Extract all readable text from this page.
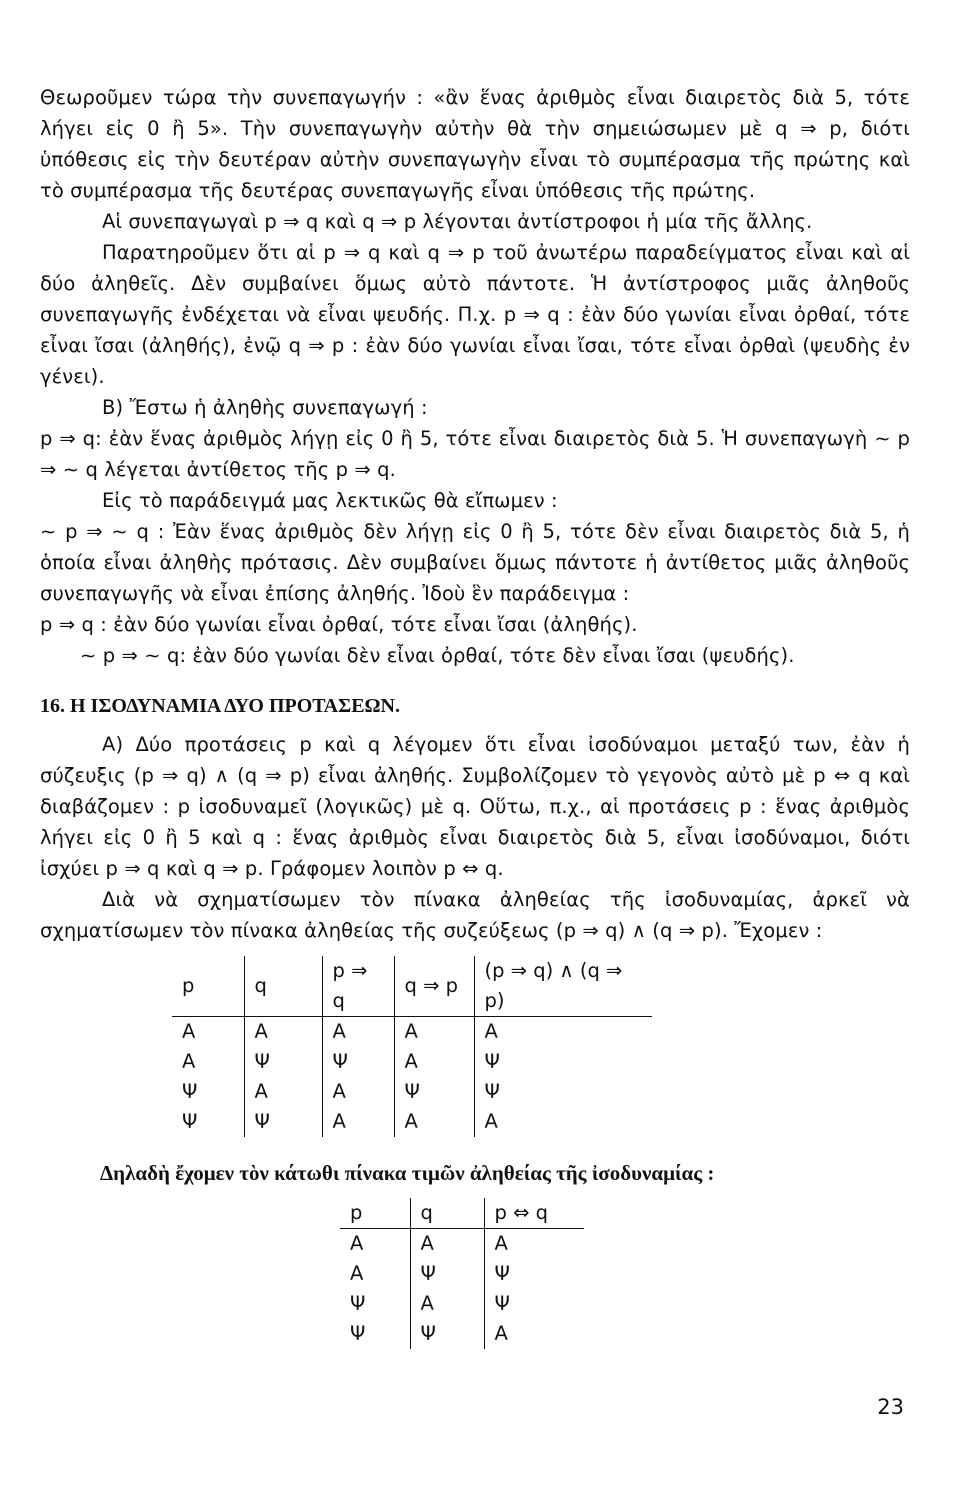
Θεωροῦμεν τώρα τὴν συνεπαγωγήν : «ἂν ἕνας ἀριθμὸς εἶναι διαιρετὸς διὰ 5, τότε λήγει εἰς 0 ἢ 5». Τὴν συνεπαγωγὴν αὐτὴν θὰ τὴν σημειώσωμεν μὲ q ⇒ p, διότι ὑπόθεσις εἰς τὴν δευτέραν αὐτὴν συνεπαγωγὴν εἶναι τὸ συμπέρασμα τῆς πρώτης καὶ τὸ συμπέρασμα τῆς δευτέρας συνεπαγωγῆς εἶναι ὑπόθεσις τῆς πρώτης.

Αἱ συνεπαγωγαὶ p ⇒ q καὶ q ⇒ p λέγονται ἀντίστροφοι ἡ μία τῆς ἄλλης.

Παρατηροῦμεν ὅτι αἱ p ⇒ q καὶ q ⇒ p τοῦ ἀνωτέρω παραδείγματος εἶναι καὶ αἱ δύο ἀληθεῖς. Δὲν συμβαίνει ὅμως αὐτὸ πάντοτε. Ἡ ἀντίστροφος μιᾶς ἀληθοῦς συνεπαγωγῆς ἐνδέχεται νὰ εἶναι ψευδής. Π.χ. p ⇒ q : ἐὰν δύο γωνίαι εἶναι ὀρθαί, τότε εἶναι ἴσαι (ἀληθής), ἐνῷ q ⇒ p : ἐὰν δύο γωνίαι εἶναι ἴσαι, τότε εἶναι ὀρθαὶ (ψευδὴς ἐν γένει).

Β) Ἔστω ἡ ἀληθὴς συνεπαγωγή :

p ⇒ q: ἐὰν ἕνας ἀριθμὸς λήγῃ εἰς 0 ἢ 5, τότε εἶναι διαιρετὸς διὰ 5. Ἡ συνεπαγωγὴ ∼ p ⇒ ∼ q λέγεται ἀντίθετος τῆς p ⇒ q.

Εἰς τὸ παράδειγμά μας λεκτικῶς θὰ εἴπωμεν :

∼ p ⇒ ∼ q : Ἐὰν ἕνας ἀριθμὸς δὲν λήγῃ εἰς 0 ἢ 5, τότε δὲν εἶναι διαιρετὸς διὰ 5, ἡ ὁποία εἶναι ἀληθὴς πρότασις. Δὲν συμβαίνει ὅμως πάντοτε ἡ ἀντίθετος μιᾶς ἀληθοῦς συνεπαγωγῆς νὰ εἶναι ἐπίσης ἀληθής. Ἰδοὺ ἓν παράδειγμα :

p ⇒ q : ἐὰν δύο γωνίαι εἶναι ὀρθαί, τότε εἶναι ἴσαι (ἀληθής).

∼ p ⇒ ∼ q: ἐὰν δύο γωνίαι δὲν εἶναι ὀρθαί, τότε δὲν εἶναι ἴσαι (ψευδής).

16. Η ΙΣΟΔΥΝΑΜΙΑ ΔΥΟ ΠΡΟΤΑΣΕΩΝ.

Α) Δύο προτάσεις p καὶ q λέγομεν ὅτι εἶναι ἰσοδύναμοι μεταξύ των, ἐὰν ἡ σύζευξις (p ⇒ q) ∧ (q ⇒ p) εἶναι ἀληθής. Συμβολίζομεν τὸ γεγονὸς αὐτὸ μὲ p ⇔ q καὶ διαβάζομεν : p ἰσοδυναμεῖ (λογικῶς) μὲ q. Οὕτω, π.χ., αἱ προτάσεις p : ἕνας ἀριθμὸς λήγει εἰς 0 ἢ 5 καὶ q : ἕνας ἀριθμὸς εἶναι διαιρετὸς διὰ 5, εἶναι ἰσοδύναμοι, διότι ἰσχύει p ⇒ q καὶ q ⇒ p. Γράφομεν λοιπὸν p ⇔ q.

Διὰ νὰ σχηματίσωμεν τὸν πίνακα ἀληθείας τῆς ἰσοδυναμίας, ἀρκεῖ νὰ σχηματίσωμεν τὸν πίνακα ἀληθείας τῆς συζεύξεως (p ⇒ q) ∧ (q ⇒ p). Ἔχομεν :

p	q	p ⇒ q	q ⇒ p	(p ⇒ q) ∧ (q ⇒ p)
Α	Α	Α	Α	Α
Α	Ψ	Ψ	Α	Ψ
Ψ	Α	Α	Ψ	Ψ
Ψ	Ψ	Α	Α	Α
Δηλαδὴ ἔχομεν τὸν κάτωθι πίνακα τιμῶν ἀληθείας τῆς ἰσοδυναμίας :
p	q	p ⇔ q
Α	Α	Α
Α	Ψ	Ψ
Ψ	Α	Ψ
Ψ	Ψ	Α
23
